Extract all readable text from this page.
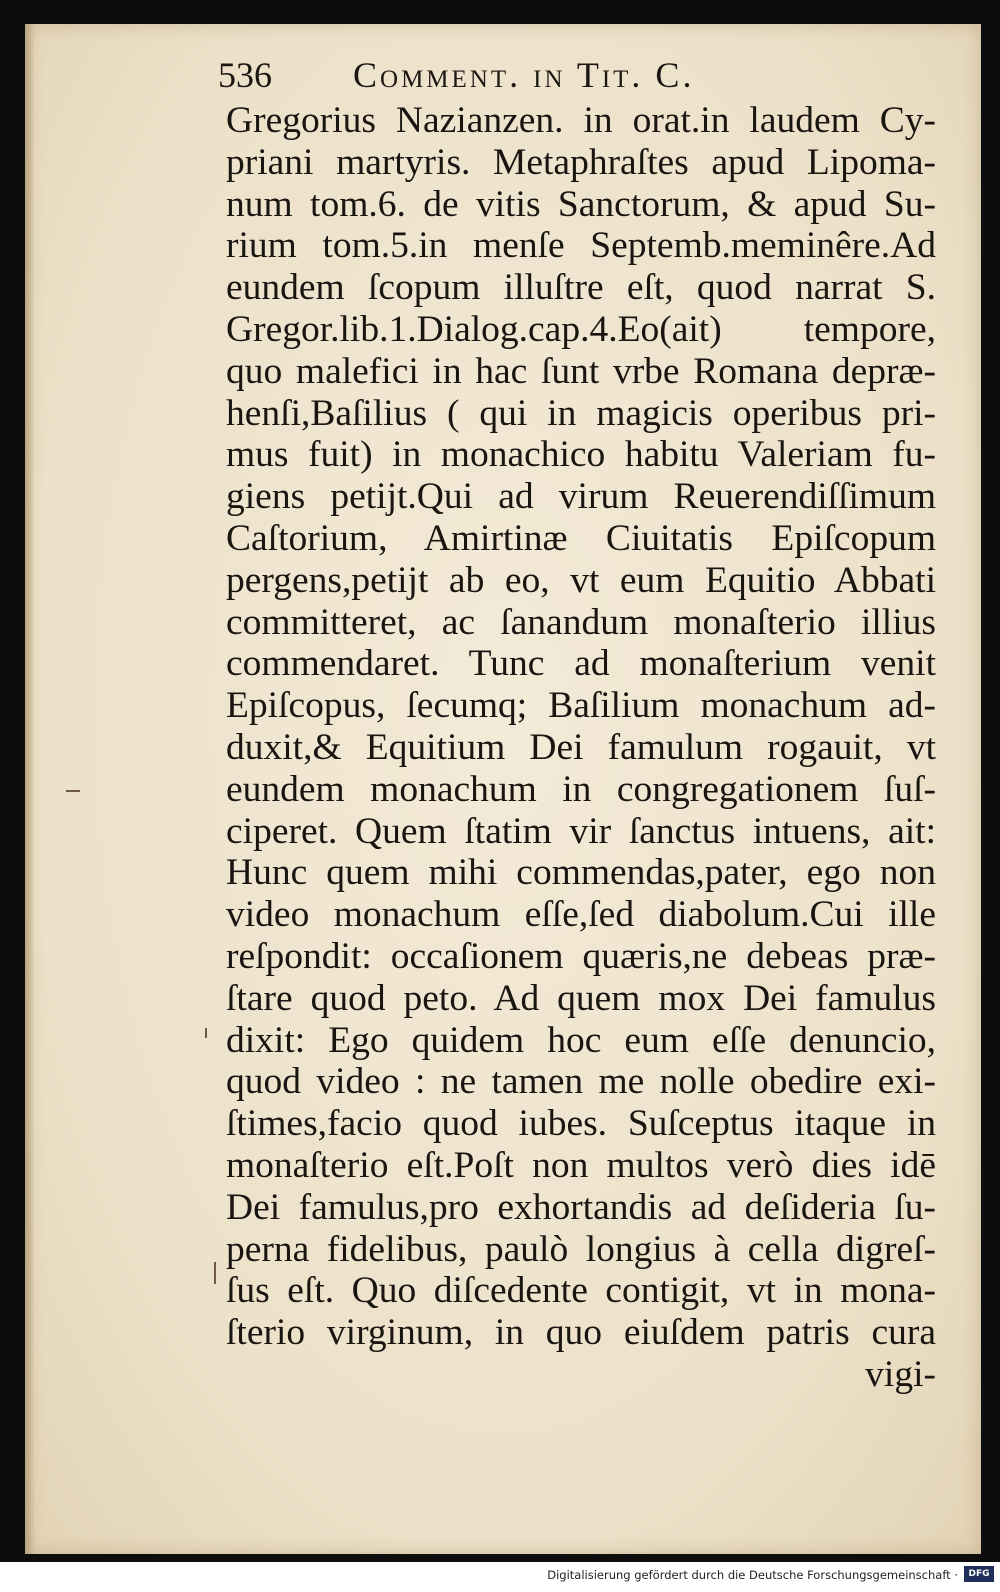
536 Comment. in Tit. C.
Gregorius Nazianzen. in orat.in laudem Cy-
priani martyris. Metaphraſtes apud Lipoma-
num tom.6. de vitis Sanctorum, & apud Su-
rium tom.5.in menſe Septemb.meminêre.Ad
eundem ſcopum illuſtre eſt, quod narrat S.
Gregor.lib.1.Dialog.cap.4.Eo(ait) tempore,
quo malefici in hac ſunt vrbe Romana depræ-
henſi,Baſilius ( qui in magicis operibus pri-
mus fuit) in monachico habitu Valeriam fu-
giens petijt.Qui ad virum Reuerendiſſimum
Caſtorium, Amirtinæ Ciuitatis Epiſcopum
pergens,petijt ab eo, vt eum Equitio Abbati
committeret, ac ſanandum monaſterio illius
commendaret. Tunc ad monaſterium venit
Epiſcopus, ſecumq; Baſilium monachum ad-
duxit,& Equitium Dei famulum rogauit, vt
eundem monachum in congregationem ſuſ-
ciperet. Quem ſtatim vir ſanctus intuens, ait:
Hunc quem mihi commendas,pater, ego non
video monachum eſſe,ſed diabolum.Cui ille
reſpondit: occaſionem quæris,ne debeas præ-
ſtare quod peto. Ad quem mox Dei famulus
dixit: Ego quidem hoc eum eſſe denuncio,
quod video : ne tamen me nolle obedire exi-
ſtimes,facio quod iubes. Suſceptus itaque in
monaſterio eſt.Poſt non multos verò dies idē
Dei famulus,pro exhortandis ad deſideria ſu-
perna fidelibus, paulò longius à cella digreſ-
ſus eſt. Quo diſcedente contigit, vt in mona-
ſterio virginum, in quo eiuſdem patris cura
vigi-
Digitalisierung gefördert durch die Deutsche Forschungsgemeinschaft ·	DFG
